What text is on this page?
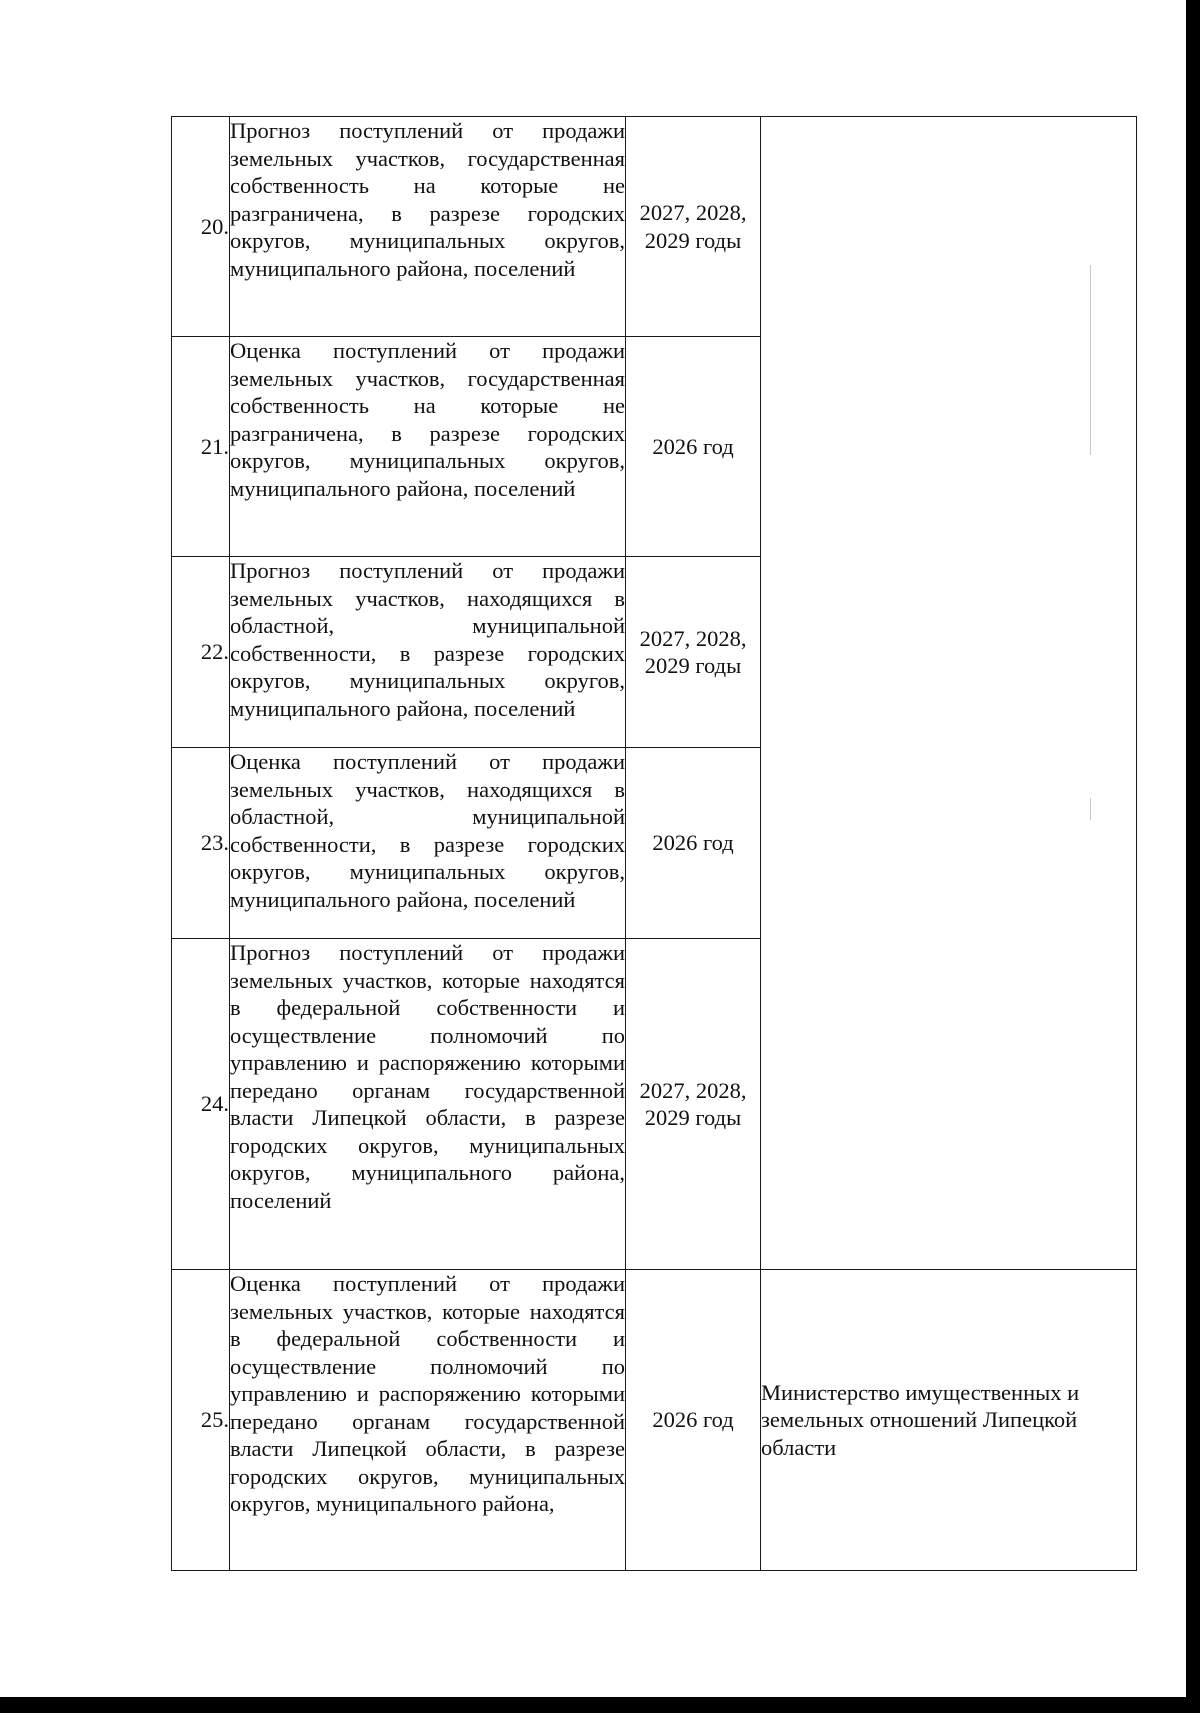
20.	Прогноз поступлений от продажи земельных участков, государственная собственность на которые не разграничена, в разрезе городских округов, муниципальных округов, муниципального района, поселений	2027, 2028, 2029 годы	
21.	Оценка поступлений от продажи земельных участков, государственная собственность на которые не разграничена, в разрезе городских округов, муниципальных округов, муниципального района, поселений	2026 год	
22.	Прогноз поступлений от продажи земельных участков, находящихся в областной, муниципальной собственности, в разрезе городских округов, муниципальных округов, муниципального района, поселений	2027, 2028, 2029 годы	
23.	Оценка поступлений от продажи земельных участков, находящихся в областной, муниципальной собственности, в разрезе городских округов, муниципальных округов, муниципального района, поселений	2026 год	
24.	Прогноз поступлений от продажи земельных участков, которые находятся в федеральной собственности и осуществление полномочий по управлению и распоряжению которыми передано органам государственной власти Липецкой области, в разрезе городских округов, муниципальных округов, муниципального района, поселений	2027, 2028, 2029 годы	
25.	Оценка поступлений от продажи земельных участков, которые находятся в федеральной собственности и осуществление полномочий по управлению и распоряжению которыми передано органам государственной власти Липецкой области, в разрезе городских округов, муниципальных округов, муниципального района,	2026 год	Министерство имущественных и земельных отношений Липецкой области
